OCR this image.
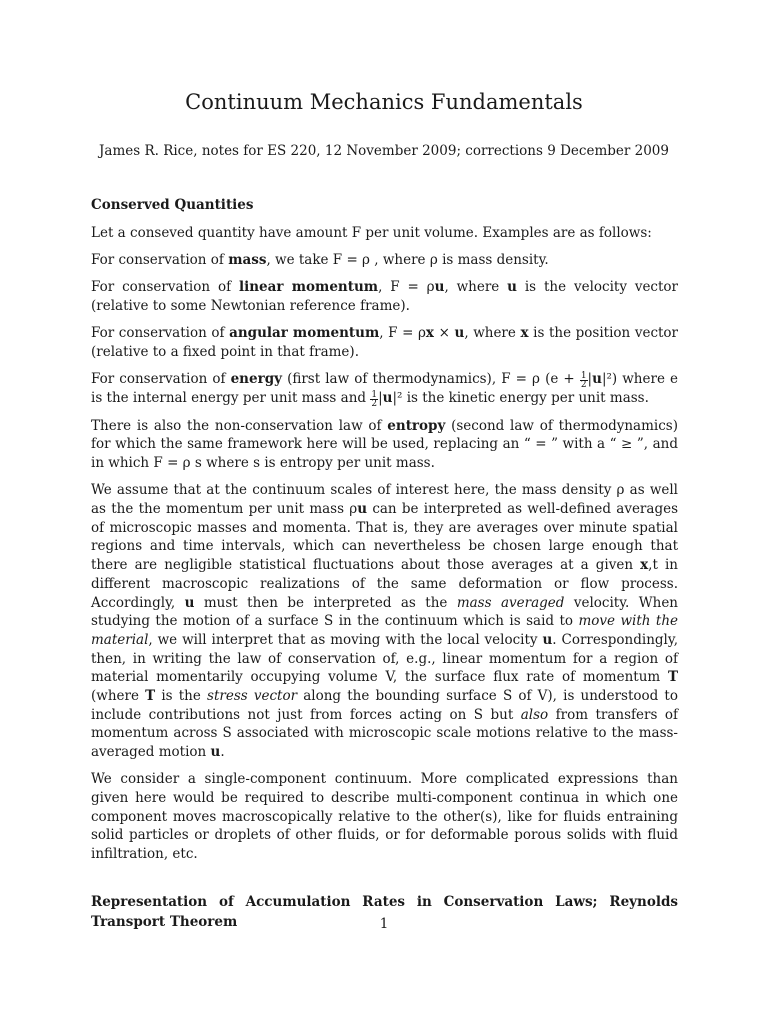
Continuum Mechanics Fundamentals
James R. Rice, notes for ES 220, 12 November 2009; corrections 9 December 2009
Conserved Quantities

Let a conseved quantity have amount F per unit volume. Examples are as follows:

For conservation of mass, we take F = ρ , where ρ is mass density.

For conservation of linear momentum, F = ρu, where u is the velocity vector (relative to some Newtonian reference frame).

For conservation of angular momentum, F = ρx × u, where x is the position vector (relative to a fixed point in that frame).

For conservation of energy (first law of thermodynamics), F = ρ $(e + \frac{1}{2} |u|^2)$ where e is the internal energy per unit mass and $\frac{1}{2} |u|^2$ is the kinetic energy per unit mass.

There is also the non-conservation law of entropy (second law of thermodynamics) for which the same framework here will be used, replacing an “ = ” with a “ ≥ ”, and in which F = ρ s where s is entropy per unit mass.

We assume that at the continuum scales of interest here, the mass density ρ as well as the the momentum per unit mass ρu can be interpreted as well-defined averages of microscopic masses and momenta. That is, they are averages over minute spatial regions and time intervals, which can nevertheless be chosen large enough that there are negligible statistical fluctuations about those averages at a given x,t in different macroscopic realizations of the same deformation or flow process. Accordingly, u must then be interpreted as the mass averaged velocity. When studying the motion of a surface S in the continuum which is said to move with the material, we will interpret that as moving with the local velocity u. Correspondingly, then, in writing the law of conservation of, e.g., linear momentum for a region of material momentarily occupying volume V, the surface flux rate of momentum T (where T is the stress vector along the bounding surface S of V), is understood to include contributions not just from forces acting on S but also from transfers of momentum across S associated with microscopic scale motions relative to the mass-averaged motion u.

We consider a single-component continuum. More complicated expressions than given here would be required to describe multi-component continua in which one component moves macroscopically relative to the other(s), like for fluids entraining solid particles or droplets of other fluids, or for deformable porous solids with fluid infiltration, etc.

Representation of Accumulation Rates in Conservation Laws; Reynolds Transport Theorem	1
